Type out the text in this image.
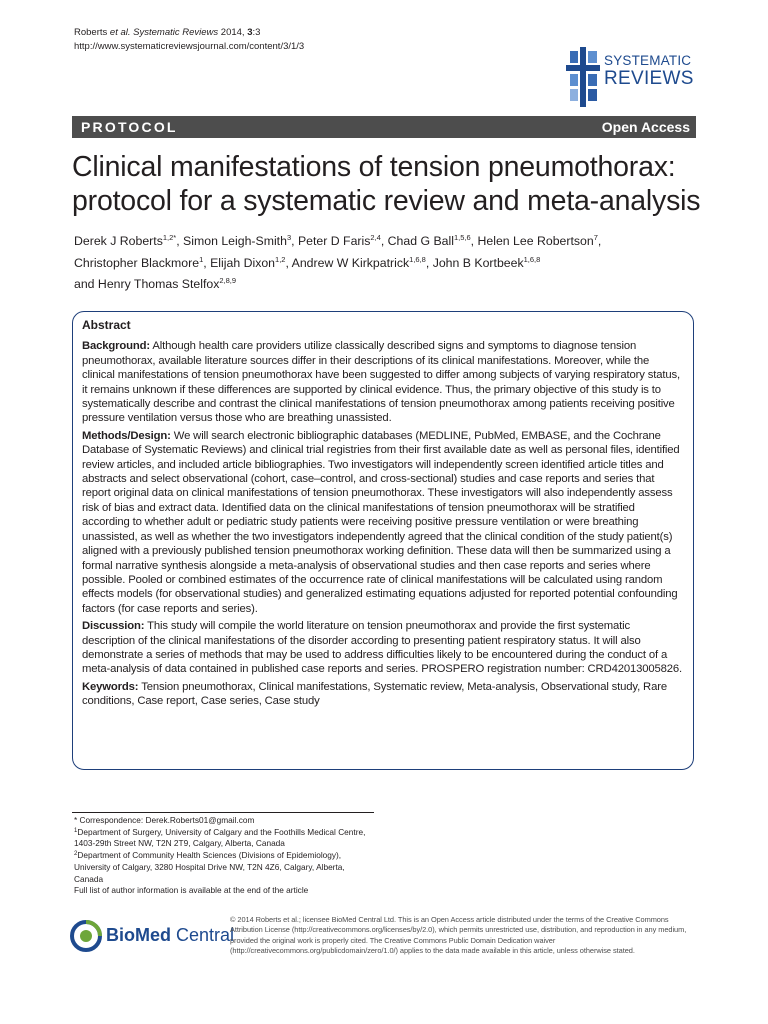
Roberts et al. Systematic Reviews 2014, 3:3
http://www.systematicreviewsjournal.com/content/3/1/3
SYSTEMATIC
REVIEWS
PROTOCOL	Open Access
Clinical manifestations of tension pneumothorax: protocol for a systematic review and meta-analysis
Derek J Roberts$^{1,2*}$, Simon Leigh-Smith$^3$, Peter D Faris$^{2,4}$, Chad G Ball$^{1,5,6}$, Helen Lee Robertson$^7$,
Christopher Blackmore$^1$, Elijah Dixon$^{1,2}$, Andrew W Kirkpatrick$^{1,6,8}$, John B Kortbeek$^{1,6,8}$
and Henry Thomas Stelfox$^{2,8,9}$
Abstract

Background: Although health care providers utilize classically described signs and symptoms to diagnose tension pneumothorax, available literature sources differ in their descriptions of its clinical manifestations. Moreover, while the clinical manifestations of tension pneumothorax have been suggested to differ among subjects of varying respiratory status, it remains unknown if these differences are supported by clinical evidence. Thus, the primary objective of this study is to systematically describe and contrast the clinical manifestations of tension pneumothorax among patients receiving positive pressure ventilation versus those who are breathing unassisted.

Methods/Design: We will search electronic bibliographic databases (MEDLINE, PubMed, EMBASE, and the Cochrane Database of Systematic Reviews) and clinical trial registries from their first available date as well as personal files, identified review articles, and included article bibliographies. Two investigators will independently screen identified article titles and abstracts and select observational (cohort, case–control, and cross-sectional) studies and case reports and series that report original data on clinical manifestations of tension pneumothorax. These investigators will also independently assess risk of bias and extract data. Identified data on the clinical manifestations of tension pneumothorax will be stratified according to whether adult or pediatric study patients were receiving positive pressure ventilation or were breathing unassisted, as well as whether the two investigators independently agreed that the clinical condition of the study patient(s) aligned with a previously published tension pneumothorax working definition. These data will then be summarized using a formal narrative synthesis alongside a meta-analysis of observational studies and then case reports and series where possible. Pooled or combined estimates of the occurrence rate of clinical manifestations will be calculated using random effects models (for observational studies) and generalized estimating equations adjusted for reported potential confounding factors (for case reports and series).

Discussion: This study will compile the world literature on tension pneumothorax and provide the first systematic description of the clinical manifestations of the disorder according to presenting patient respiratory status. It will also demonstrate a series of methods that may be used to address difficulties likely to be encountered during the conduct of a meta-analysis of data contained in published case reports and series. PROSPERO registration number: CRD42013005826.

Keywords: Tension pneumothorax, Clinical manifestations, Systematic review, Meta-analysis, Observational study, Rare conditions, Case report, Case series, Case study

* Correspondence: Derek.Roberts01@gmail.com
$^1$Department of Surgery, University of Calgary and the Foothills Medical Centre, 1403-29th Street NW, T2N 2T9, Calgary, Alberta, Canada
$^2$Department of Community Health Sciences (Divisions of Epidemiology), University of Calgary, 3280 Hospital Drive NW, T2N 4Z6, Calgary, Alberta, Canada
Full list of author information is available at the end of the article
BioMed Central
© 2014 Roberts et al.; licensee BioMed Central Ltd. This is an Open Access article distributed under the terms of the Creative Commons Attribution License (http://creativecommons.org/licenses/by/2.0), which permits unrestricted use, distribution, and reproduction in any medium, provided the original work is properly cited. The Creative Commons Public Domain Dedication waiver (http://creativecommons.org/publicdomain/zero/1.0/) applies to the data made available in this article, unless otherwise stated.
